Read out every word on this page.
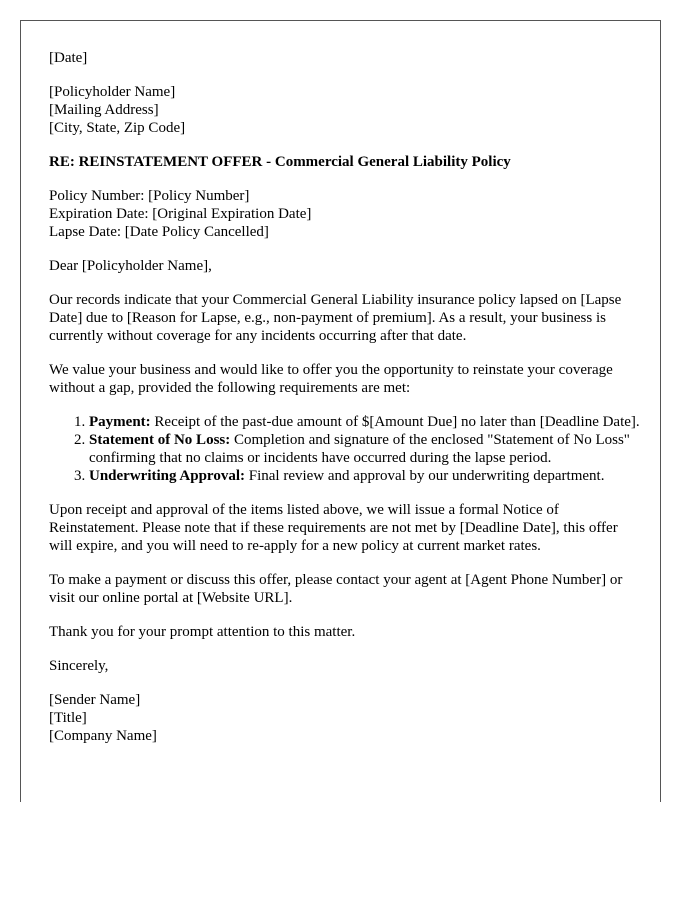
[Date]

[Policyholder Name]
[Mailing Address]
[City, State, Zip Code]

RE: REINSTATEMENT OFFER - Commercial General Liability Policy

Policy Number: [Policy Number]
Expiration Date: [Original Expiration Date]
Lapse Date: [Date Policy Cancelled]

Dear [Policyholder Name],

Our records indicate that your Commercial General Liability insurance policy lapsed on [Lapse Date] due to [Reason for Lapse, e.g., non-payment of premium]. As a result, your business is currently without coverage for any incidents occurring after that date.

We value your business and would like to offer you the opportunity to reinstate your coverage without a gap, provided the following requirements are met:

1. Payment: Receipt of the past-due amount of $[Amount Due] no later than [Deadline Date].
2. Statement of No Loss: Completion and signature of the enclosed "Statement of No Loss" confirming that no claims or incidents have occurred during the lapse period.
3. Underwriting Approval: Final review and approval by our underwriting department.

Upon receipt and approval of the items listed above, we will issue a formal Notice of Reinstatement. Please note that if these requirements are not met by [Deadline Date], this offer will expire, and you will need to re-apply for a new policy at current market rates.

To make a payment or discuss this offer, please contact your agent at [Agent Phone Number] or visit our online portal at [Website URL].

Thank you for your prompt attention to this matter.

Sincerely,

[Sender Name]
[Title]
[Company Name]
